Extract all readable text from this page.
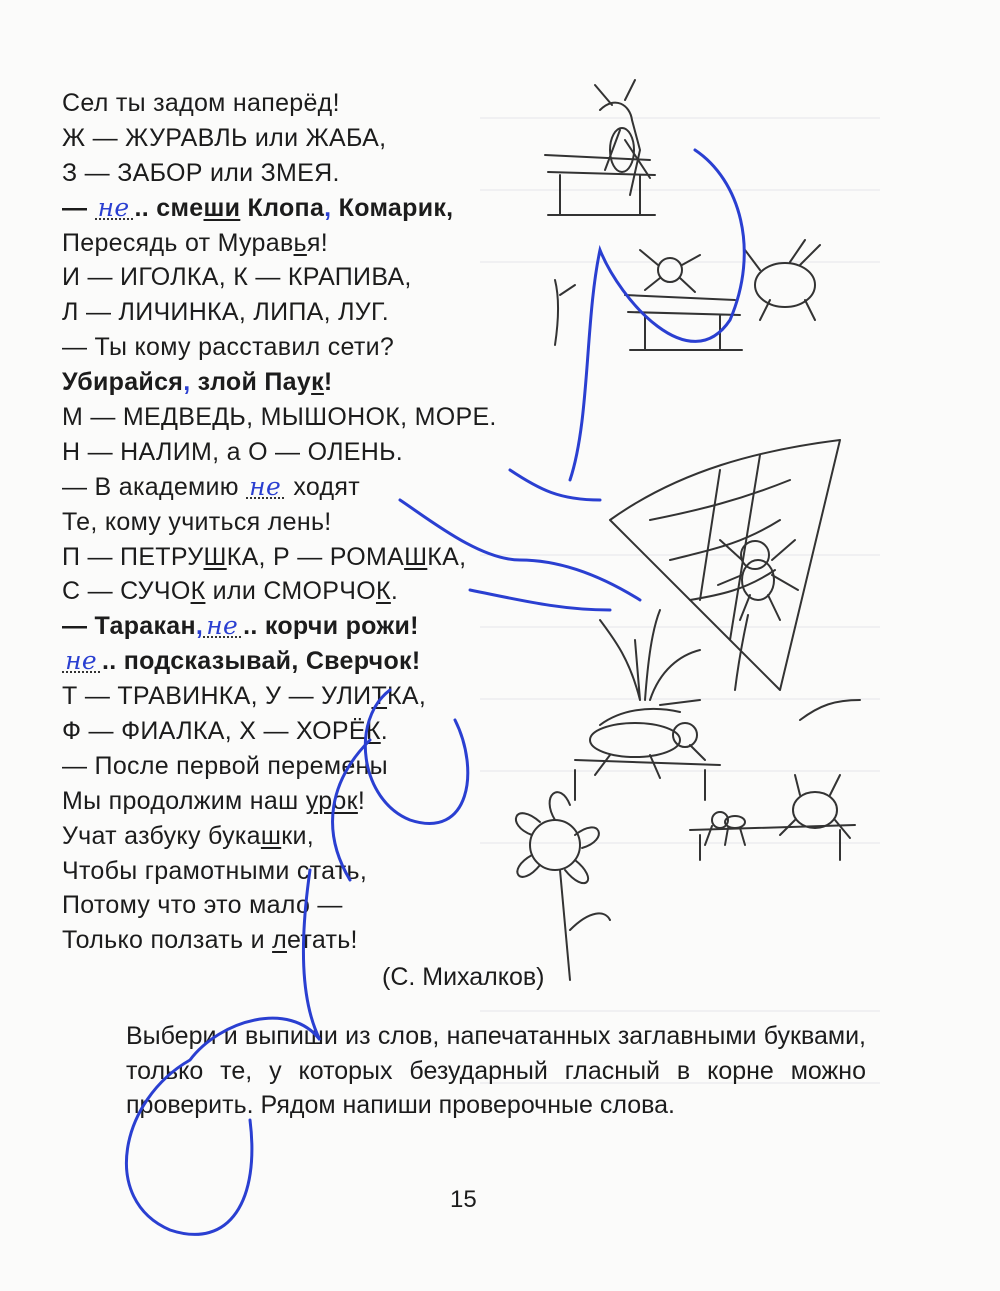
Сел ты задом наперёд!
Ж — ЖУРАВЛЬ или ЖАБА,
З — ЗАБОР или ЗМЕЯ.
— не .. смеши Клопа, Комарик,
Пересядь от Муравья!
И — ИГОЛКА, К — КРАПИВА,
Л — ЛИЧИНКА, ЛИПА, ЛУГ.
— Ты кому расставил сети?
Убирайся, злой Паук!
М — МЕДВЕДЬ, МЫШОНОК, МОРЕ.
Н — НАЛИМ, а О — ОЛЕНЬ.
— В академию не ходят
Те, кому учиться лень!
П — ПЕТРУШКА, Р — РОМАШКА,
С — СУЧОК или СМОРЧОК.
— Таракан, не .. корчи рожи!
не .. подсказывай, Сверчок!
Т — ТРАВИНКА, У — УЛИТКА,
Ф — ФИАЛКА, Х — ХОРЁК.
— После первой перемены
Мы продолжим наш урок!
Учат азбуку букашки,
Чтобы грамотными стать,
Потому что это мало —
Только ползать и летать!
(С. Михалков)
Выбери и выпиши из слов, напечатанных заглавными буквами, только те, у которых безударный гласный в корне можно проверить. Рядом напиши проверочные слова.
15
